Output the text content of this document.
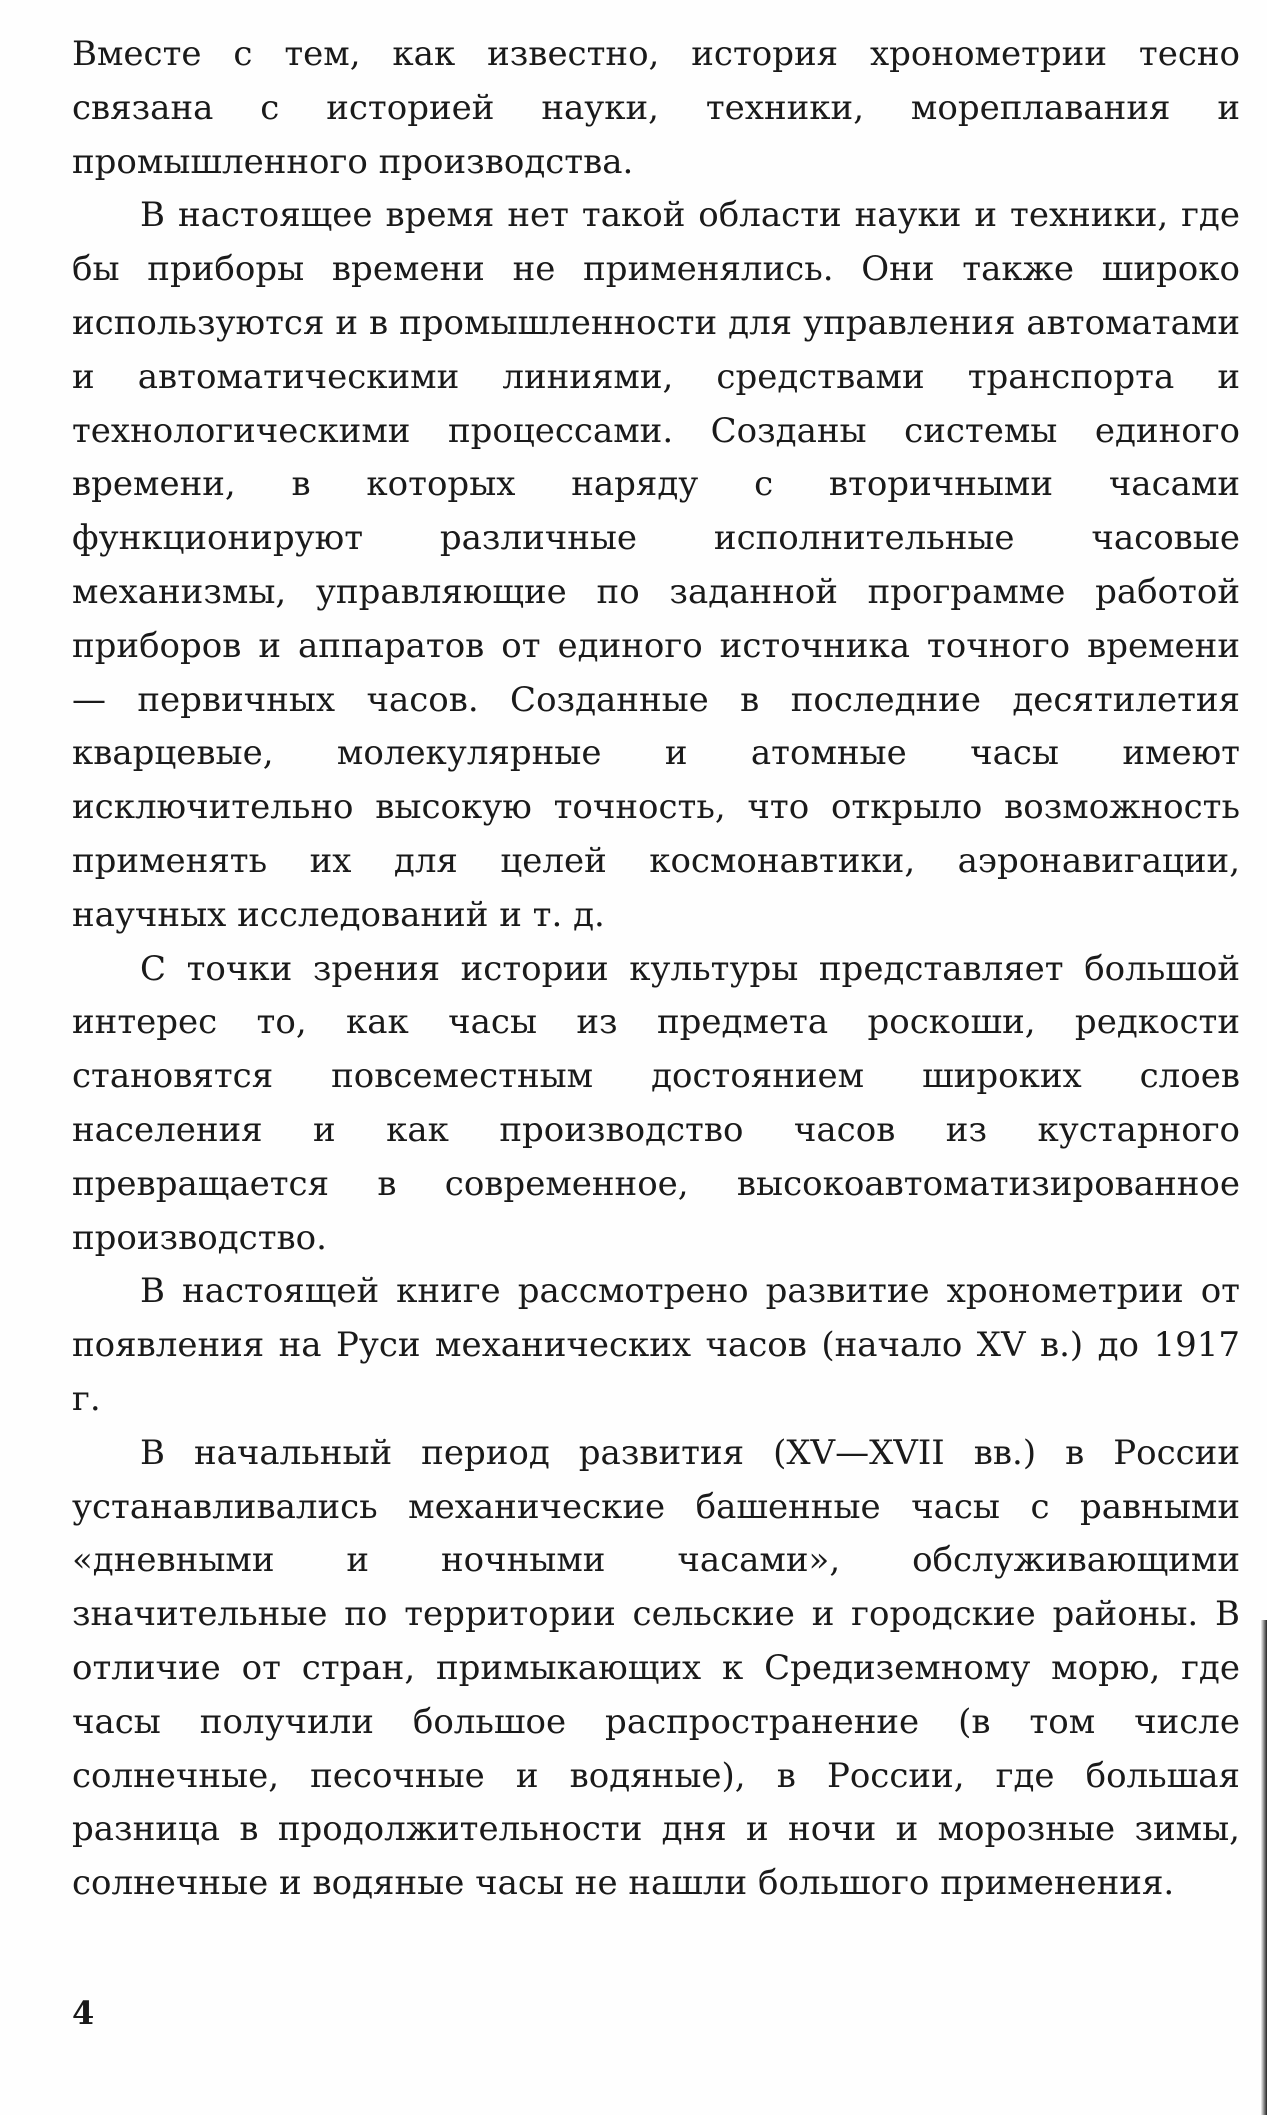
Вместе с тем, как известно, история хронометрии тесно связана с историей науки, техники, мореплавания и промышленного производства.

В настоящее время нет такой области науки и техники, где бы приборы времени не применялись. Они также широко используются и в промышленности для управления автоматами и автоматическими линиями, средствами транспорта и технологическими процессами. Созданы системы единого времени, в которых наряду с вторичными часами функционируют различные исполнительные часовые механизмы, управляющие по заданной программе работой приборов и аппаратов от единого источника точного времени — первичных часов. Созданные в последние десятилетия кварцевые, молекулярные и атомные часы имеют исключительно высокую точность, что открыло возможность применять их для целей космонавтики, аэронавигации, научных исследований и т. д.

С точки зрения истории культуры представляет большой интерес то, как часы из предмета роскоши, редкости становятся повсеместным достоянием широких слоев населения и как производство часов из кустарного превращается в современное, высокоавтоматизированное производство.

В настоящей книге рассмотрено развитие хронометрии от появления на Руси механических часов (начало XV в.) до 1917 г.

В начальный период развития (XV—XVII вв.) в России устанавливались механические башенные часы с равными «дневными и ночными часами», обслуживающими значительные по территории сельские и городские районы. В отличие от стран, примыкающих к Средиземному морю, где часы получили большое распространение (в том числе солнечные, песочные и водяные), в России, где большая разница в продолжительности дня и ночи и морозные зимы, солнечные и водяные часы не нашли большого применения.

4
